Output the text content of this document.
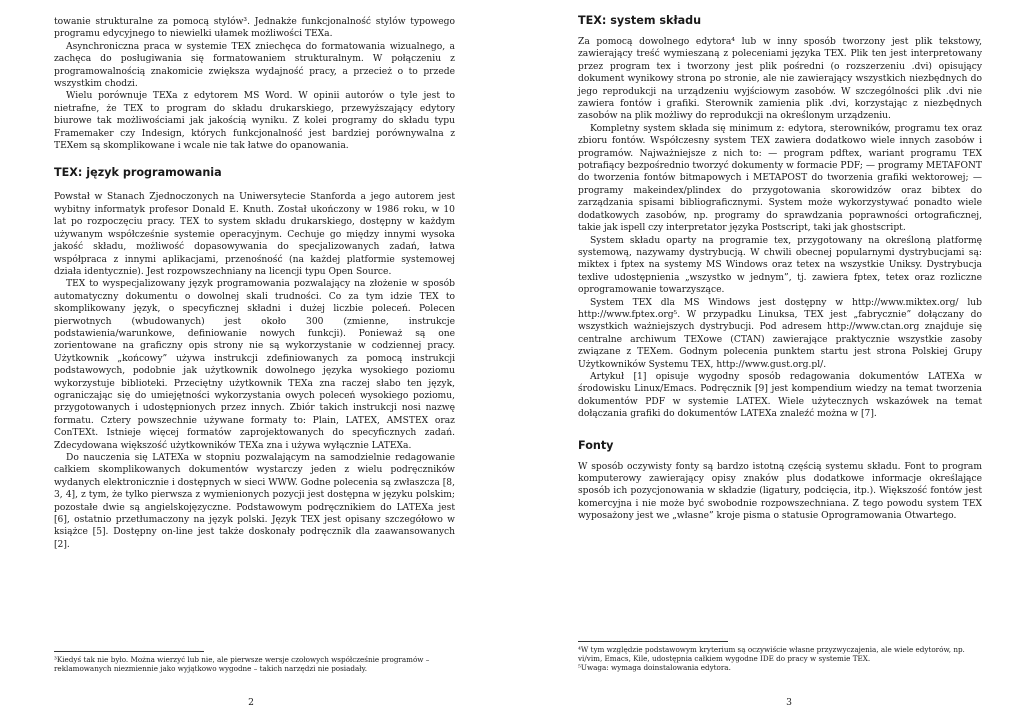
towanie strukturalne za pomocą stylów³. Jednakże funkcjonalność stylów typowego programu edycyjnego to niewielki ułamek możliwości TEXa.

Asynchroniczna praca w systemie TEX zniechęca do formatowania wizualnego, a zachęca do posługiwania się formatowaniem strukturalnym. W połączeniu z programowalnością znakomicie zwiększa wydajność pracy, a przecież o to przede wszystkim chodzi.

Wielu porównuje TEXa z edytorem MS Word. W opinii autorów o tyle jest to nietrafne, że TEX to program do składu drukarskiego, przewyższający edytory biurowe tak możliwościami jak jakością wyniku. Z kolei programy do składu typu Framemaker czy Indesign, których funkcjonalność jest bardziej porównywalna z TEXem są skomplikowane i wcale nie tak łatwe do opanowania.

TEX: język programowania

Powstał w Stanach Zjednoczonych na Uniwersytecie Stanforda a jego autorem jest wybitny informatyk profesor Donald E. Knuth. Został ukończony w 1986 roku, w 10 lat po rozpoczęciu pracy. TEX to system składu drukarskiego, dostępny w każdym używanym współcześnie systemie operacyjnym. Cechuje go między innymi wysoka jakość składu, możliwość dopasowywania do specjalizowanych zadań, łatwa współpraca z innymi aplikacjami, przenośność (na każdej platformie systemowej działa identycznie). Jest rozpowszechniany na licencji typu Open Source.

TEX to wyspecjalizowany język programowania pozwalający na złożenie w sposób automatyczny dokumentu o dowolnej skali trudności. Co za tym idzie TEX to skomplikowany język, o specyficznej składni i dużej liczbie poleceń. Polecen pierwotnych (wbudowanych) jest około 300 (zmienne, instrukcje podstawienia/warunkowe, definiowanie nowych funkcji). Ponieważ są one zorientowane na graficzny opis strony nie są wykorzystanie w codziennej pracy. Użytkownik „końcowy” używa instrukcji zdefiniowanych za pomocą instrukcji podstawowych, podobnie jak użytkownik dowolnego języka wysokiego poziomu wykorzystuje biblioteki. Przeciętny użytkownik TEXa zna raczej słabo ten język, ograniczając się do umiejętności wykorzystania owych poleceń wysokiego poziomu, przygotowanych i udostępnionych przez innych. Zbiór takich instrukcji nosi nazwę formatu. Cztery powszechnie używane formaty to: Plain, LATEX, AMSTEX oraz ConTEXt. Istnieje więcej formatów zaprojektowanych do specyficznych zadań. Zdecydowana większość użytkowników TEXa zna i używa wyłącznie LATEXa.

Do nauczenia się LATEXa w stopniu pozwalającym na samodzielnie redagowanie całkiem skomplikowanych dokumentów wystarczy jeden z wielu podręczników wydanych elektronicznie i dostępnych w sieci WWW. Godne polecenia są zwłaszcza [8, 3, 4], z tym, że tylko pierwsza z wymienionych pozycji jest dostępna w języku polskim; pozostałe dwie są angielskojęzyczne. Podstawowym podręcznikiem do LATEXa jest [6], ostatnio przetłumaczony na język polski. Język TEX jest opisany szczegółowo w książce [5]. Dostępny on-line jest także doskonały podręcznik dla zaawansowanych [2].

³Kiedyś tak nie było. Można wierzyć lub nie, ale pierwsze wersje czołowych współcześnie programów – reklamowanych niezmiennie jako wyjątkowo wygodne – takich narzędzi nie posiadały.

2
TEX: system składu

Za pomocą dowolnego edytora⁴ lub w inny sposób tworzony jest plik tekstowy, zawierający treść wymieszaną z poleceniami języka TEX. Plik ten jest interpretowany przez program tex i tworzony jest plik pośredni (o rozszerzeniu .dvi) opisujący dokument wynikowy strona po stronie, ale nie zawierający wszystkich niezbędnych do jego reprodukcji na urządzeniu wyjściowym zasobów. W szczególności plik .dvi nie zawiera fontów i grafiki. Sterownik zamienia plik .dvi, korzystając z niezbędnych zasobów na plik możliwy do reprodukcji na określonym urządzeniu.

Kompletny system składa się minimum z: edytora, sterowników, programu tex oraz zbioru fontów. Współczesny system TEX zawiera dodatkowo wiele innych zasobów i programów. Najważniejsze z nich to: — program pdftex, wariant programu TEX potrafiący bezpośrednio tworzyć dokumenty w formacie PDF; — programy METAFONT do tworzenia fontów bitmapowych i METAPOST do tworzenia grafiki wektorowej; — programy makeindex/plindex do przygotowania skorowidzów oraz bibtex do zarządzania spisami bibliograficznymi. System może wykorzystywać ponadto wiele dodatkowych zasobów, np. programy do sprawdzania poprawności ortograficznej, takie jak ispell czy interpretator języka Postscript, taki jak ghostscript.

System składu oparty na programie tex, przygotowany na określoną platformę systemową, nazywamy dystrybucją. W chwili obecnej popularnymi dystrybucjami są: miktex i fptex na systemy MS Windows oraz tetex na wszystkie Uniksy. Dystrybucja texlive udostępnienia „wszystko w jednym”, tj. zawiera fptex, tetex oraz rozliczne oprogramowanie towarzyszące.

System TEX dla MS Windows jest dostępny w http://www.miktex.org/ lub http://www.fptex.org⁵. W przypadku Linuksa, TEX jest „fabrycznie” dołączany do wszystkich ważniejszych dystrybucji. Pod adresem http://www.ctan.org znajduje się centralne archiwum TEXowe (CTAN) zawierające praktycznie wszystkie zasoby związane z TEXem. Godnym polecenia punktem startu jest strona Polskiej Grupy Użytkowników Systemu TEX, http://www.gust.org.pl/.

Artykuł [1] opisuje wygodny sposób redagowania dokumentów LATEXa w środowisku Linux/Emacs. Podręcznik [9] jest kompendium wiedzy na temat tworzenia dokumentów PDF w systemie LATEX. Wiele użytecznych wskazówek na temat dołączania grafiki do dokumentów LATEXa znaleźć można w [7].

Fonty

W sposób oczywisty fonty są bardzo istotną częścią systemu składu. Font to program komputerowy zawierający opisy znaków plus dodatkowe informacje określające sposób ich pozycjonowania w składzie (ligatury, podcięcia, itp.). Większość fontów jest komercyjna i nie może być swobodnie rozpowszechniana. Z tego powodu system TEX wyposażony jest we „własne” kroje pisma o statusie Oprogramowania Otwartego.

⁴W tym względzie podstawowym kryterium są oczywiście własne przyzwyczajenia, ale wiele edytorów, np. vi/vim, Emacs, Kile, udostępnia całkiem wygodne IDE do pracy w systemie TEX.

⁵Uwaga: wymaga doinstalowania edytora.

3
